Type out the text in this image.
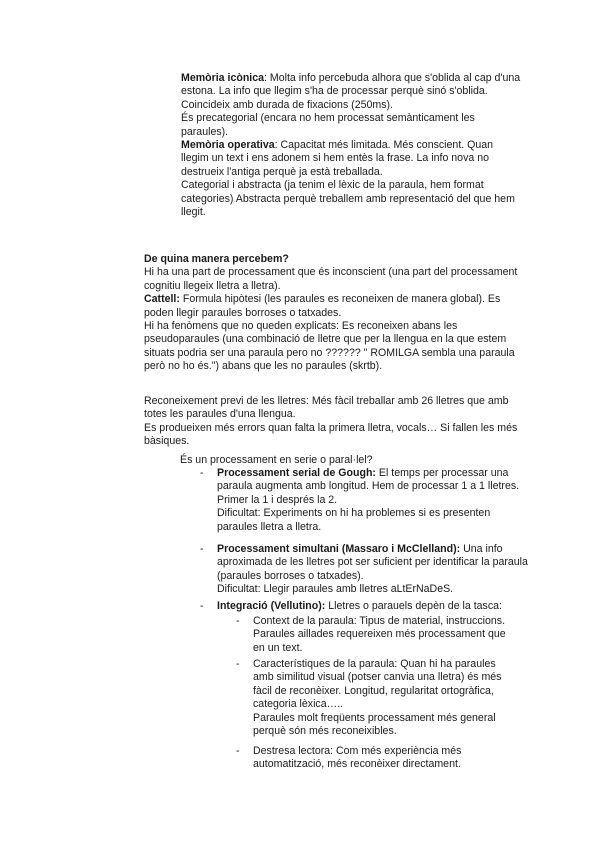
Memòria icònica: Molta info percebuda alhora que s'oblida al cap d'una estona. La info que llegim s'ha de processar perquè sinó s'oblida. Coincideix amb durada de fixacions (250ms).

És precategorial (encara no hem processat semànticament les paraules).

Memòria operativa: Capacitat més limitada. Més conscient. Quan llegim un text i ens adonem si hem entès la frase. La info nova no destrueix l'antiga perquè ja està treballada.

Categorial i abstracta (ja tenim el lèxic de la paraula, hem format categories) Abstracta perquè treballem amb representació del que hem llegit.

De quina manera percebem?

Hi ha una part de processament que és inconscient (una part del processament cognitiu llegeix lletra a lletra).

Cattell: Formula hipòtesi (les paraules es reconeixen de manera global). Es poden llegir paraules borroses o tatxades.

Hi ha fenòmens que no queden explicats: Es reconeixen abans les pseudoparaules (una combinació de lletre que per la llengua en la que estem situats podria ser una paraula pero no ?????? " ROMILGA sembla una paraula però no ho és.") abans que les no paraules (skrtb).

Reconeixement previ de les lletres: Més fàcil treballar amb 26 lletres que amb totes les paraules d'una llengua.

Es produeixen més errors quan falta la primera lletra, vocals… Si fallen les més bàsiques.

És un processament en serie o paral·lel?
- Processament serial de Gough: El temps per processar una paraula augmenta amb longitud. Hem de processar 1 a 1 lletres. Primer la 1 i després la 2.

Dificultat: Experiments on hi ha problemes si es presenten paraules lletra a lletra.

- Processament simultani (Massaro i McClelland): Una info aproximada de les lletres pot ser suficient per identificar la paraula (paraules borroses o tatxades).

Dificultat: Llegir paraules amb lletres aLtErNaDeS.

- Integració (Vellutino): Lletres o parauels depèn de la tasca:

- Context de la paraula: Tipus de material, instruccions. Paraules aillades requereixen més processament que en un text.

- Característiques de la paraula: Quan hi ha paraules amb similitud visual (potser canvia una lletra) és més fàcil de reconèixer. Longitud, regularitat ortogràfica, categoria lèxica…..

Paraules molt freqüents processament més general perquè són més reconeixibles.

- Destresa lectora: Com més experiència més automatització, més reconèixer directament.
